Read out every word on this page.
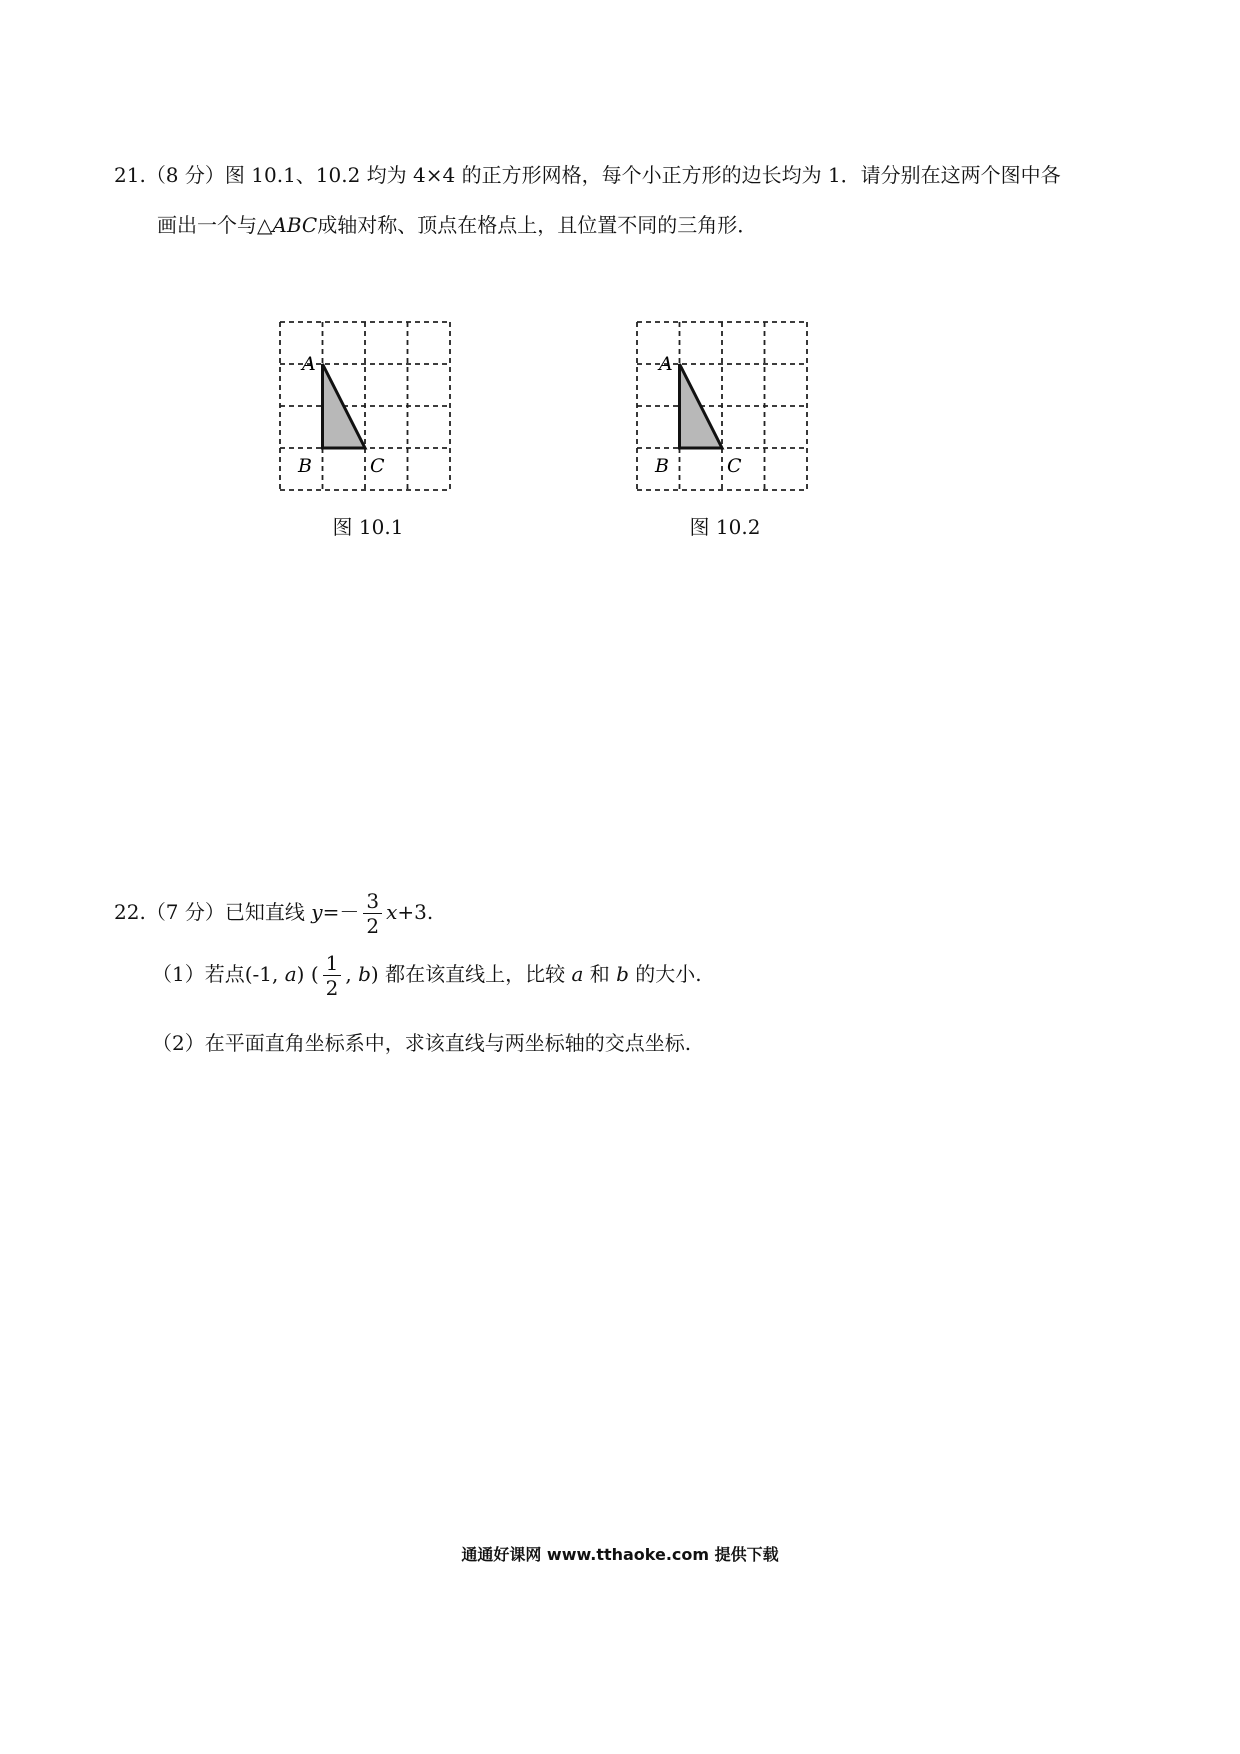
21.（8 分）图 10.1、10.2 均为 4×4 的正方形网格，每个小正方形的边长均为 1．请分别在这两个图中各
画出一个与△ABC成轴对称、顶点在格点上，且位置不同的三角形．
A
B	C
图 10.1
A
B	C
图 10.2
22.（7 分）已知直线 $y=- \frac{3}{2} x+3$.
（1）若点(-1, a) ( $\frac{1}{2}$ , b) 都在该直线上，比较 a 和 b 的大小.
（2）在平面直角坐标系中，求该直线与两坐标轴的交点坐标.
通通好课网 www.tthaoke.com 提供下载
